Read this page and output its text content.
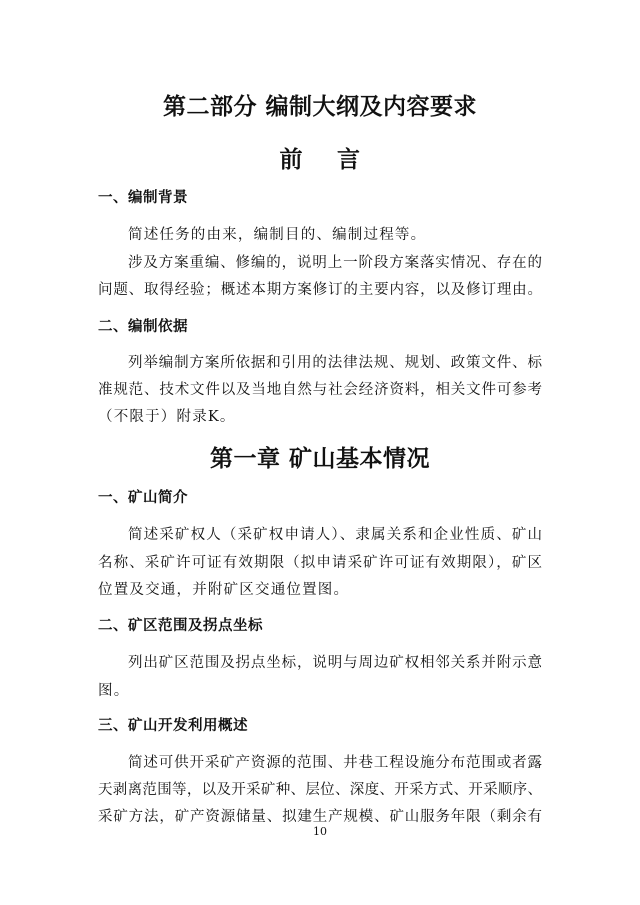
第二部分 编制大纲及内容要求
前    言
一、编制背景
简述任务的由来，编制目的、编制过程等。
涉及方案重编、修编的，说明上一阶段方案落实情况、存在的
问题、取得经验；概述本期方案修订的主要内容，以及修订理由。
二、编制依据
列举编制方案所依据和引用的法律法规、规划、政策文件、标
准规范、技术文件以及当地自然与社会经济资料，相关文件可参考
（不限于）附录K。
第一章 矿山基本情况
一、矿山简介
简述采矿权人（采矿权申请人）、隶属关系和企业性质、矿山
名称、采矿许可证有效期限（拟申请采矿许可证有效期限），矿区
位置及交通，并附矿区交通位置图。
二、矿区范围及拐点坐标
列出矿区范围及拐点坐标，说明与周边矿权相邻关系并附示意
图。
三、矿山开发利用概述
简述可供开采矿产资源的范围、井巷工程设施分布范围或者露
天剥离范围等，以及开采矿种、层位、深度、开采方式、开采顺序、
采矿方法，矿产资源储量、拟建生产规模、矿山服务年限（剩余有
10
